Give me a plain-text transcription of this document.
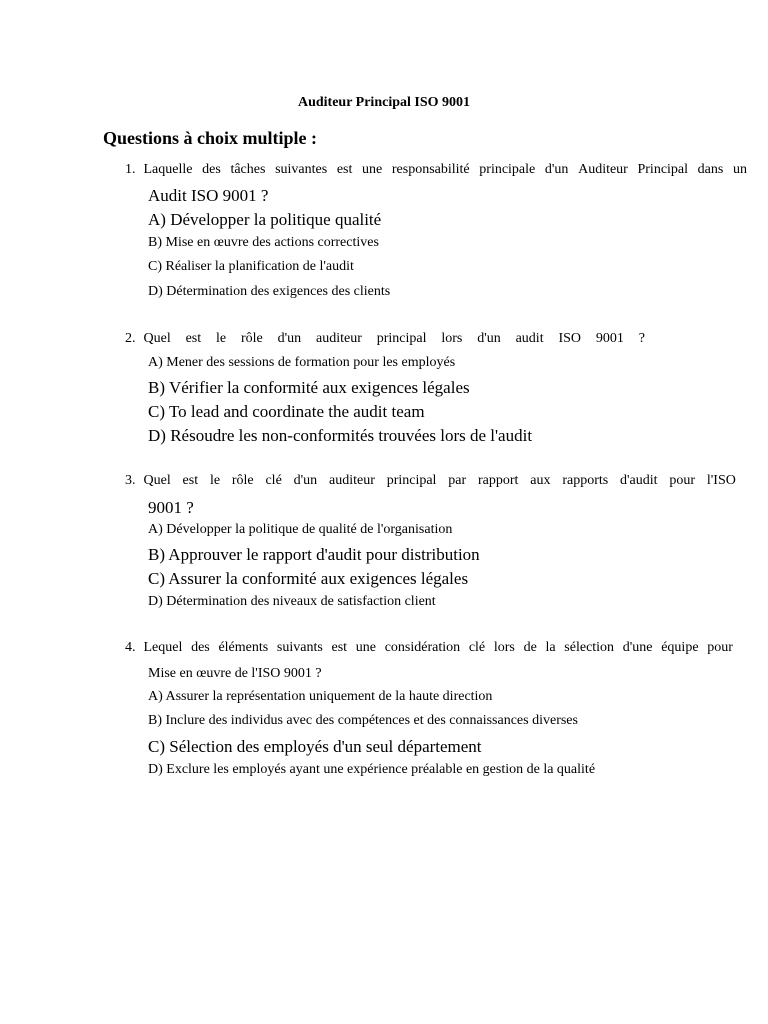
Auditeur Principal ISO 9001
Questions à choix multiple :
1. Laquelle des tâches suivantes est une responsabilité principale d'un Auditeur Principal dans un
Audit ISO 9001 ?
A) Développer la politique qualité
B) Mise en œuvre des actions correctives
C) Réaliser la planification de l'audit
D) Détermination des exigences des clients
2. Quel est le rôle d'un auditeur principal lors d'un audit ISO 9001 ?
A) Mener des sessions de formation pour les employés
B) Vérifier la conformité aux exigences légales
C) To lead and coordinate the audit team
D) Résoudre les non-conformités trouvées lors de l'audit
3. Quel est le rôle clé d'un auditeur principal par rapport aux rapports d'audit pour l'ISO
9001 ?
A) Développer la politique de qualité de l'organisation
B) Approuver le rapport d'audit pour distribution
C) Assurer la conformité aux exigences légales
D) Détermination des niveaux de satisfaction client
4. Lequel des éléments suivants est une considération clé lors de la sélection d'une équipe pour
Mise en œuvre de l'ISO 9001 ?
A) Assurer la représentation uniquement de la haute direction
B) Inclure des individus avec des compétences et des connaissances diverses
C) Sélection des employés d'un seul département
D) Exclure les employés ayant une expérience préalable en gestion de la qualité
